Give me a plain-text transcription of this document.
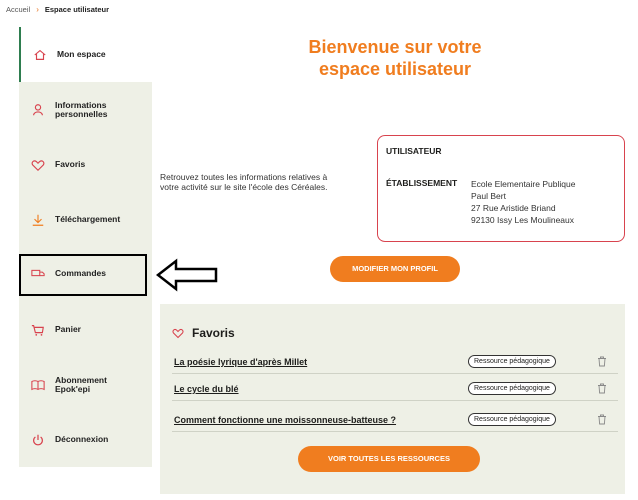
Accueil › Espace utilisateur
Mon espace
Informations personnelles
Favoris
Téléchargement
Commandes
Panier
Abonnement Epok'epi
Déconnexion
Bienvenue sur votre
espace utilisateur
Retrouvez toutes les informations relatives à votre activité sur le site l'école des Céréales.
UTILISATEUR
ÉTABLISSEMENT Ecole Elementaire Publique
Paul Bert
27 Rue Aristide Briand
92130 Issy Les Moulineaux
MODIFIER MON PROFIL
Favoris
La poésie lyrique d'après Millet	Ressource pédagogique
Le cycle du blé	Ressource pédagogique
Comment fonctionne une moissonneuse-batteuse ?	Ressource pédagogique
VOIR TOUTES LES RESSOURCES
